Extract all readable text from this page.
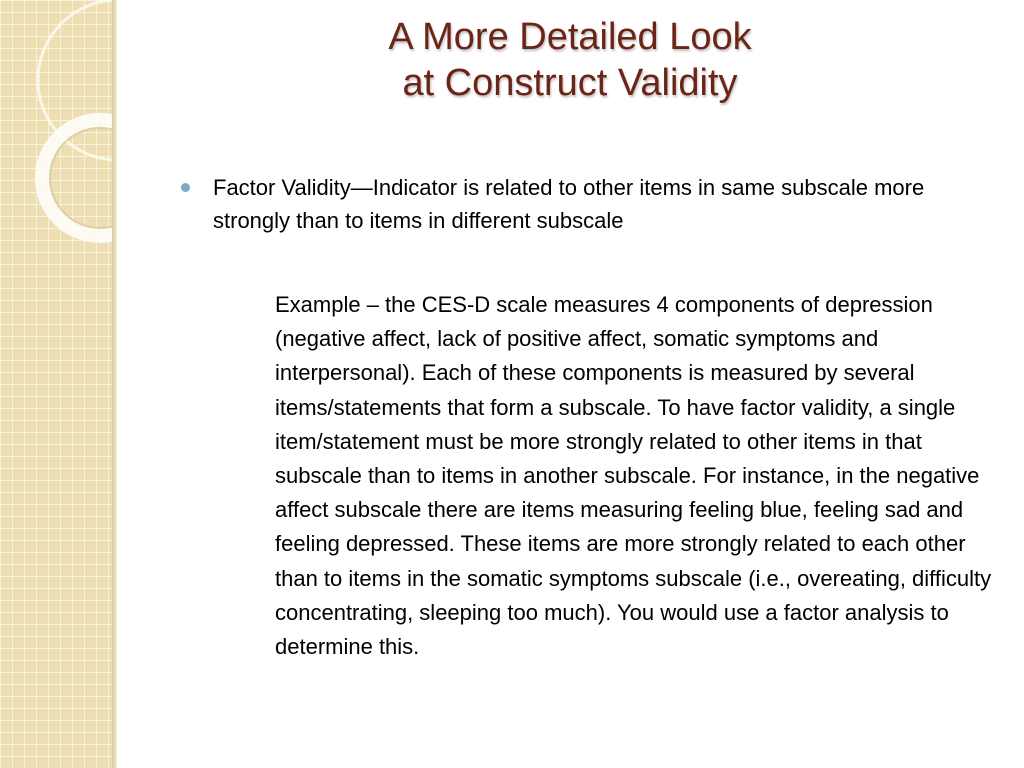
A More Detailed Look
at Construct Validity
Factor Validity—Indicator is related to other items in same subscale more strongly than to items in different subscale
Example – the CES-D scale measures 4 components of depression (negative affect, lack of positive affect, somatic symptoms and interpersonal). Each of these components is measured by several items/statements that form a subscale. To have factor validity, a single item/statement must be more strongly related to other items in that subscale than to items in another subscale. For instance, in the negative affect subscale there are items measuring feeling blue, feeling sad and feeling depressed. These items are more strongly related to each other than to items in the somatic symptoms subscale (i.e., overeating, difficulty concentrating, sleeping too much). You would use a factor analysis to determine this.
